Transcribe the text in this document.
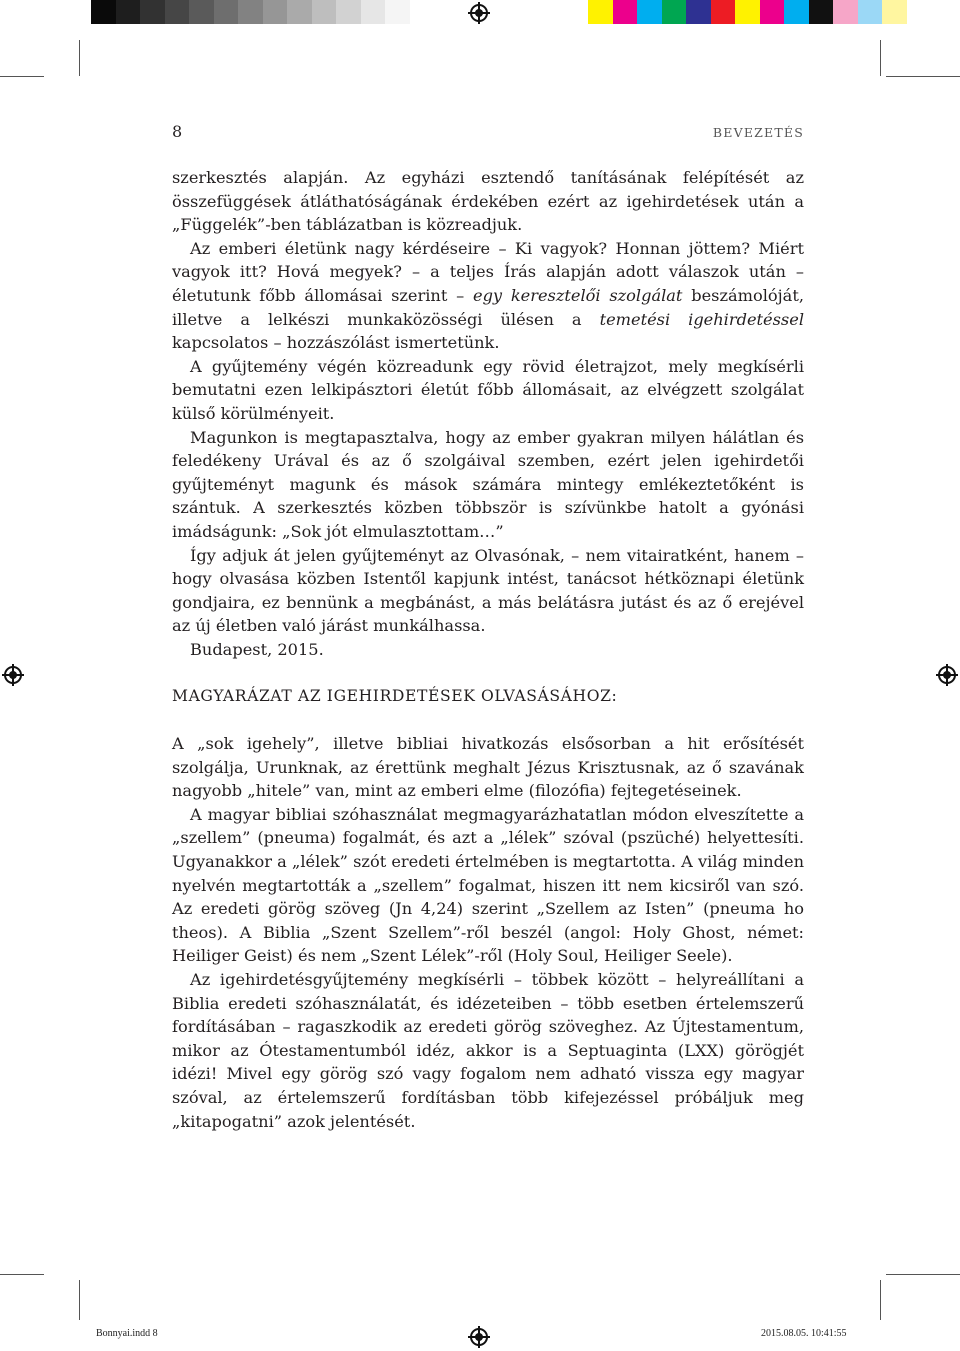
8	BEVEZETÉS

szerkesztés alapján. Az egyházi esztendő tanításának felépítését az összefüggések átláthatóságának érdekében ezért az igehirdetések után a „Függelék”-ben táblázatban is közreadjuk.

Az emberi életünk nagy kérdéseire – Ki vagyok? Honnan jöttem? Miért vagyok itt? Hová megyek? – a teljes Írás alapján adott válaszok után – életutunk főbb állomásai szerint – egy keresztelői szolgálat beszámolóját, illetve a lelkészi munkaközösségi ülésen a temetési igehirdetéssel kapcsolatos – hozzászólást ismertetünk.

A gyűjtemény végén közreadunk egy rövid életrajzot, mely megkísérli bemutatni ezen lelkipásztori életút főbb állomásait, az elvégzett szolgálat külső körülményeit.

Magunkon is megtapasztalva, hogy az ember gyakran milyen hálátlan és feledékeny Urával és az ő szolgáival szemben, ezért jelen igehirdetői gyűjteményt magunk és mások számára mintegy emlékeztetőként is szántuk. A szerkesztés közben többször is szívünkbe hatolt a gyónási imádságunk: „Sok jót elmulasztottam…”

Így adjuk át jelen gyűjteményt az Olvasónak, – nem vitairatként, hanem – hogy olvasása közben Istentől kapjunk intést, tanácsot hétköznapi életünk gondjaira, ez bennünk a megbánást, a más belátásra jutást és az ő erejével az új életben való járást munkálhassa.

Budapest, 2015.

MAGYARÁZAT AZ IGEHIRDETÉSEK OLVASÁSÁHOZ:

A „sok igehely”, illetve bibliai hivatkozás elsősorban a hit erősítését szolgálja, Urunknak, az érettünk meghalt Jézus Krisztusnak, az ő szavának nagyobb „hitele” van, mint az emberi elme (filozófia) fejtegetéseinek.

A magyar bibliai szóhasználat megmagyarázhatatlan módon elveszítette a „szellem” (pneuma) fogalmát, és azt a „lélek” szóval (pszüché) helyettesíti. Ugyanakkor a „lélek” szót eredeti értelmében is megtartotta. A világ minden nyelvén megtartották a „szellem” fogalmat, hiszen itt nem kicsiről van szó. Az eredeti görög szöveg (Jn 4,24) szerint „Szellem az Isten” (pneuma ho theos). A Biblia „Szent Szellem”-ről beszél (angol: Holy Ghost, német: Heiliger Geist) és nem „Szent Lélek”-ről (Holy Soul, Heiliger Seele).

Az igehirdetésgyűjtemény megkísérli – többek között – helyreállítani a Biblia eredeti szóhasználatát, és idézeteiben – több esetben értelemszerű fordításában – ragaszkodik az eredeti görög szöveghez. Az Újtestamentum, mikor az Ótestamentumból idéz, akkor is a Septuaginta (LXX) görögjét idézi! Mivel egy görög szó vagy fogalom nem adható vissza egy magyar szóval, az értelemszerű fordításban több kifejezéssel próbáljuk meg „kitapogatni” azok jelentését.

Bonnyai.indd 8	2015.08.05. 10:41:55
